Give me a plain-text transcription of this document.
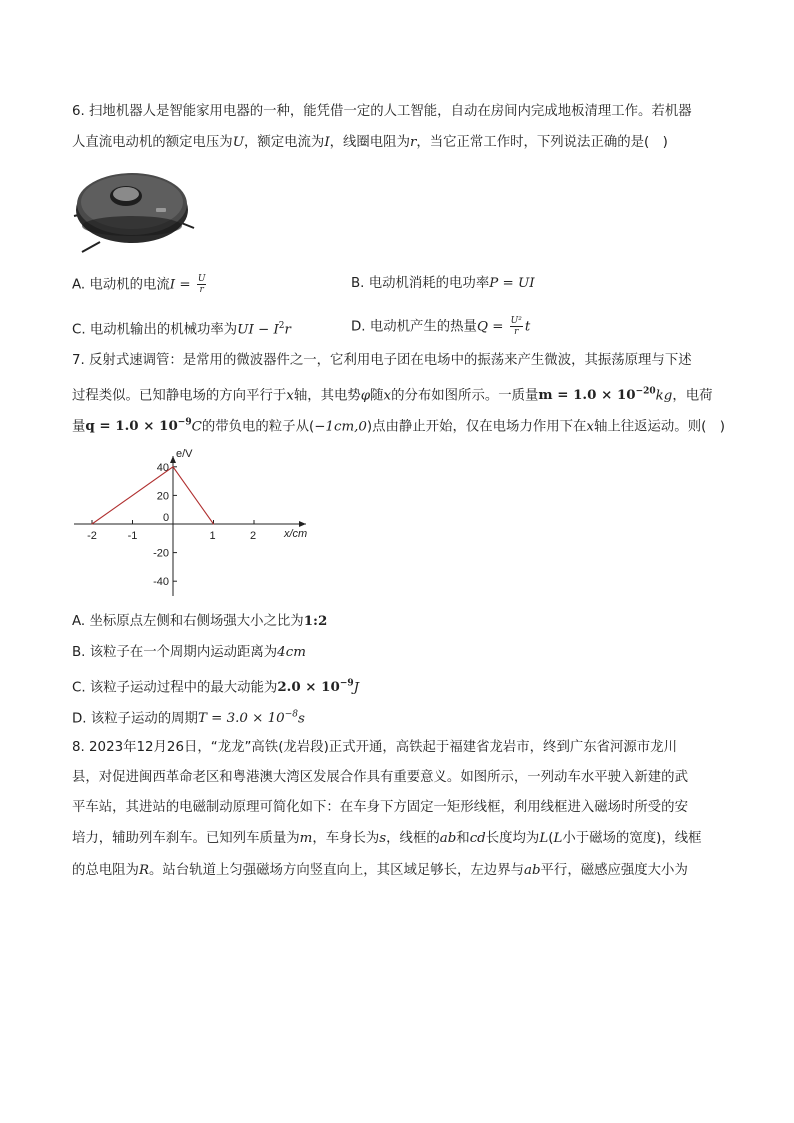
6. 扫地机器人是智能家用电器的一种，能凭借一定的人工智能，自动在房间内完成地板清理工作。若机器
人直流电动机的额定电压为U，额定电流为I，线圈电阻为r，当它正常工作时，下列说法正确的是(　)
A. 电动机的电流$I = \frac{U}{r}$	B. 电动机消耗的电功率P = UI
C. 电动机输出的机械功率为UI − $I^2r$	D. 电动机产生的热量$Q = \frac{\text{U²}}{r}$ t
7. 反射式速调管：是常用的微波器件之一，它利用电子团在电场中的振荡来产生微波，其振荡原理与下述
过程类似。已知静电场的方向平行于x轴，其电势φ随x的分布如图所示。一质量$m = 1.0 \times 10^{-20}kg$，电荷
量$q = 1.0 \times 10^{-9}C$的带负电的粒子从(−1cm,0)点由静止开始，仅在电场力作用下在x轴上往返运动。则(　)
-2	-1
0
1	2
-40
-20
20
40
e/V
x/cm
A. 坐标原点左侧和右侧场强大小之比为1:2
B. 该粒子在一个周期内运动距离为4cm
C. 该粒子运动过程中的最大动能为$2.0 \times 10^{-9}J$
D. 该粒子运动的周期$T = 3.0 \times 10^{-8}s$
8. 2023年12月26日，“龙龙”高铁(龙岩段)正式开通，高铁起于福建省龙岩市，终到广东省河源市龙川
县，对促进闽西革命老区和粤港澳大湾区发展合作具有重要意义。如图所示，一列动车水平驶入新建的武
平车站，其进站的电磁制动原理可简化如下：在车身下方固定一矩形线框，利用线框进入磁场时所受的安
培力，辅助列车刹车。已知列车质量为m，车身长为s，线框的ab和cd长度均为L(L小于磁场的宽度)，线框
的总电阻为R。站台轨道上匀强磁场方向竖直向上，其区域足够长，左边界与ab平行，磁感应强度大小为
